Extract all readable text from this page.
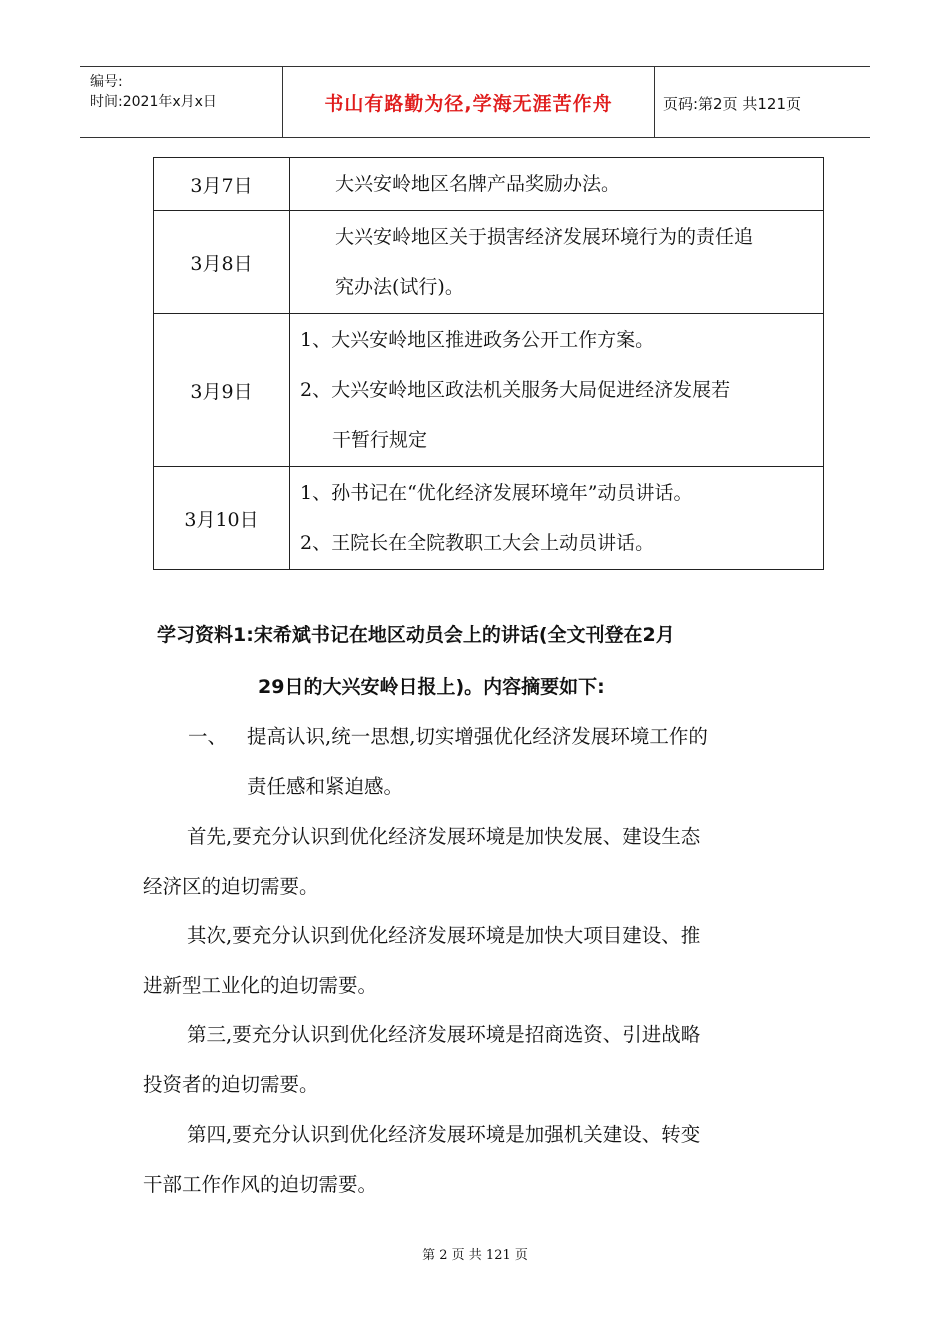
编号:
时间:2021年x月x日	书山有路勤为径,学海无涯苦作舟	页码:第2页 共121页
3月7日	大兴安岭地区名牌产品奖励办法。

3月8日	大兴安岭地区关于损害经济发展环境行为的责任追
究办法(试行)。

3月9日	1、大兴安岭地区推进政务公开工作方案。
2、大兴安岭地区政法机关服务大局促进经济发展若
干暂行规定

3月10日	1、孙书记在“优化经济发展环境年”动员讲话。
2、王院长在全院教职工大会上动员讲话。
学习资料1:宋希斌书记在地区动员会上的讲话(全文刊登在2月
29日的大兴安岭日报上)。内容摘要如下:
一、 提高认识,统一思想,切实增强优化经济发展环境工作的
责任感和紧迫感。
首先,要充分认识到优化经济发展环境是加快发展、建设生态
经济区的迫切需要。
其次,要充分认识到优化经济发展环境是加快大项目建设、推
进新型工业化的迫切需要。
第三,要充分认识到优化经济发展环境是招商选资、引进战略
投资者的迫切需要。
第四,要充分认识到优化经济发展环境是加强机关建设、转变
干部工作作风的迫切需要。
第 2 页 共 121 页
